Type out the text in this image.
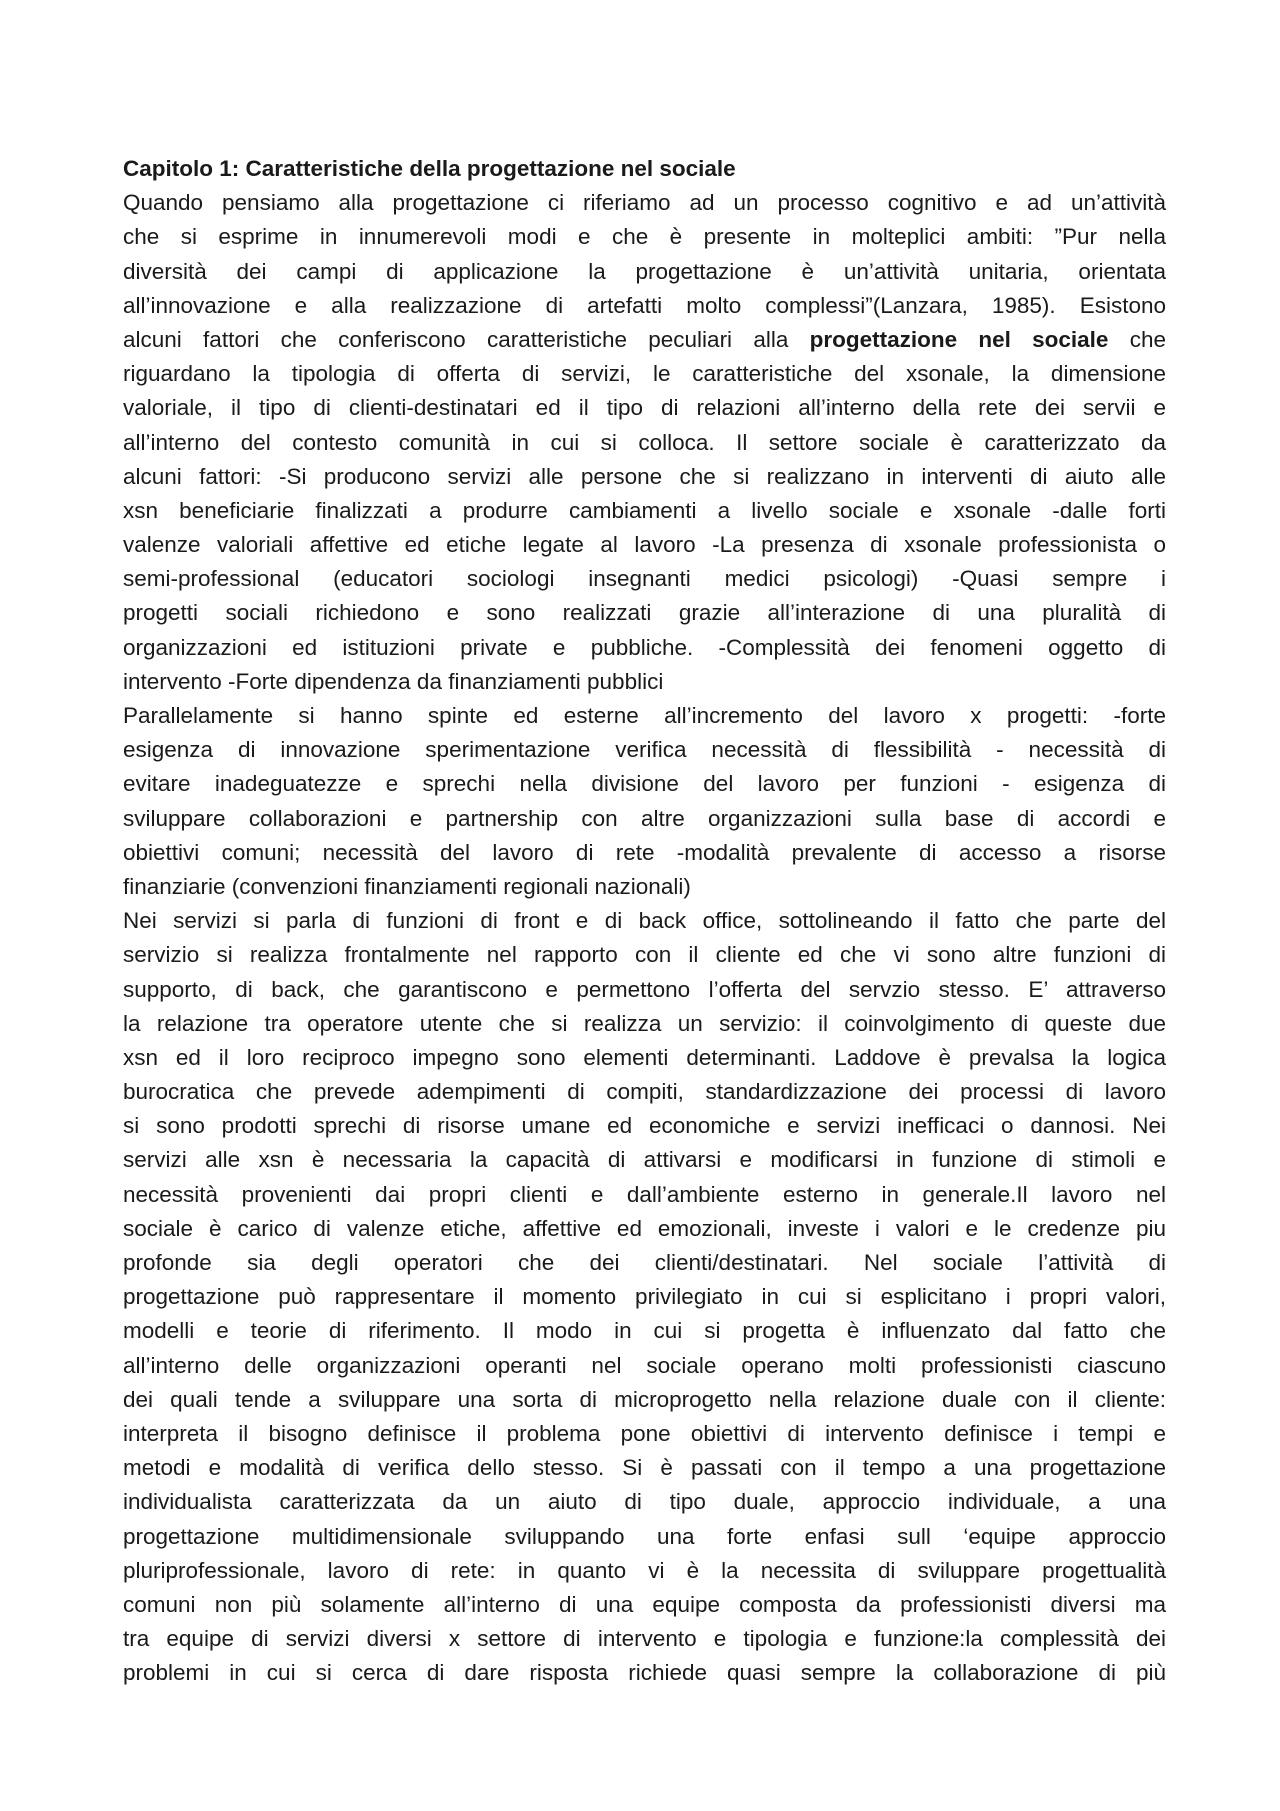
Capitolo 1: Caratteristiche della progettazione nel sociale
Quando pensiamo alla progettazione ci riferiamo ad un processo cognitivo e ad un’attività
che si esprime in innumerevoli modi e che è presente in molteplici ambiti: ”Pur nella
diversità dei campi di applicazione la progettazione è un’attività unitaria, orientata
all’innovazione e alla realizzazione di artefatti molto complessi”(Lanzara, 1985). Esistono
alcuni fattori che conferiscono caratteristiche peculiari alla progettazione nel sociale che
riguardano la tipologia di offerta di servizi, le caratteristiche del xsonale, la dimensione
valoriale, il tipo di clienti-destinatari ed il tipo di relazioni all’interno della rete dei servii e
all’interno del contesto comunità in cui si colloca. Il settore sociale è caratterizzato da
alcuni fattori: -Si producono servizi alle persone che si realizzano in interventi di aiuto alle
xsn beneficiarie finalizzati a produrre cambiamenti a livello sociale e xsonale -dalle forti
valenze valoriali affettive ed etiche legate al lavoro -La presenza di xsonale professionista o
semi-professional (educatori sociologi insegnanti medici psicologi) -Quasi sempre i
progetti sociali richiedono e sono realizzati grazie all’interazione di una pluralità di
organizzazioni ed istituzioni private e pubbliche. -Complessità dei fenomeni oggetto di
intervento -Forte dipendenza da finanziamenti pubblici
Parallelamente si hanno spinte ed esterne all’incremento del lavoro x progetti: -forte
esigenza di innovazione sperimentazione verifica necessità di flessibilità - necessità di
evitare inadeguatezze e sprechi nella divisione del lavoro per funzioni - esigenza di
sviluppare collaborazioni e partnership con altre organizzazioni sulla base di accordi e
obiettivi comuni; necessità del lavoro di rete -modalità prevalente di accesso a risorse
finanziarie (convenzioni finanziamenti regionali nazionali)
Nei servizi si parla di funzioni di front e di back office, sottolineando il fatto che parte del
servizio si realizza frontalmente nel rapporto con il cliente ed che vi sono altre funzioni di
supporto, di back, che garantiscono e permettono l’offerta del servzio stesso. E’ attraverso
la relazione tra operatore utente che si realizza un servizio: il coinvolgimento di queste due
xsn ed il loro reciproco impegno sono elementi determinanti. Laddove è prevalsa la logica
burocratica che prevede adempimenti di compiti, standardizzazione dei processi di lavoro
si sono prodotti sprechi di risorse umane ed economiche e servizi inefficaci o dannosi. Nei
servizi alle xsn è necessaria la capacità di attivarsi e modificarsi in funzione di stimoli e
necessità provenienti dai propri clienti e dall’ambiente esterno in generale.Il lavoro nel
sociale è carico di valenze etiche, affettive ed emozionali, investe i valori e le credenze piu
profonde sia degli operatori che dei clienti/destinatari. Nel sociale l’attività di
progettazione può rappresentare il momento privilegiato in cui si esplicitano i propri valori,
modelli e teorie di riferimento. Il modo in cui si progetta è influenzato dal fatto che
all’interno delle organizzazioni operanti nel sociale operano molti professionisti ciascuno
dei quali tende a sviluppare una sorta di microprogetto nella relazione duale con il cliente:
interpreta il bisogno definisce il problema pone obiettivi di intervento definisce i tempi e
metodi e modalità di verifica dello stesso. Si è passati con il tempo a una progettazione
individualista caratterizzata da un aiuto di tipo duale, approccio individuale, a una
progettazione multidimensionale sviluppando una forte enfasi sull ‘equipe approccio
pluriprofessionale, lavoro di rete: in quanto vi è la necessita di sviluppare progettualità
comuni non più solamente all’interno di una equipe composta da professionisti diversi ma
tra equipe di servizi diversi x settore di intervento e tipologia e funzione:la complessità dei
problemi in cui si cerca di dare risposta richiede quasi sempre la collaborazione di più
